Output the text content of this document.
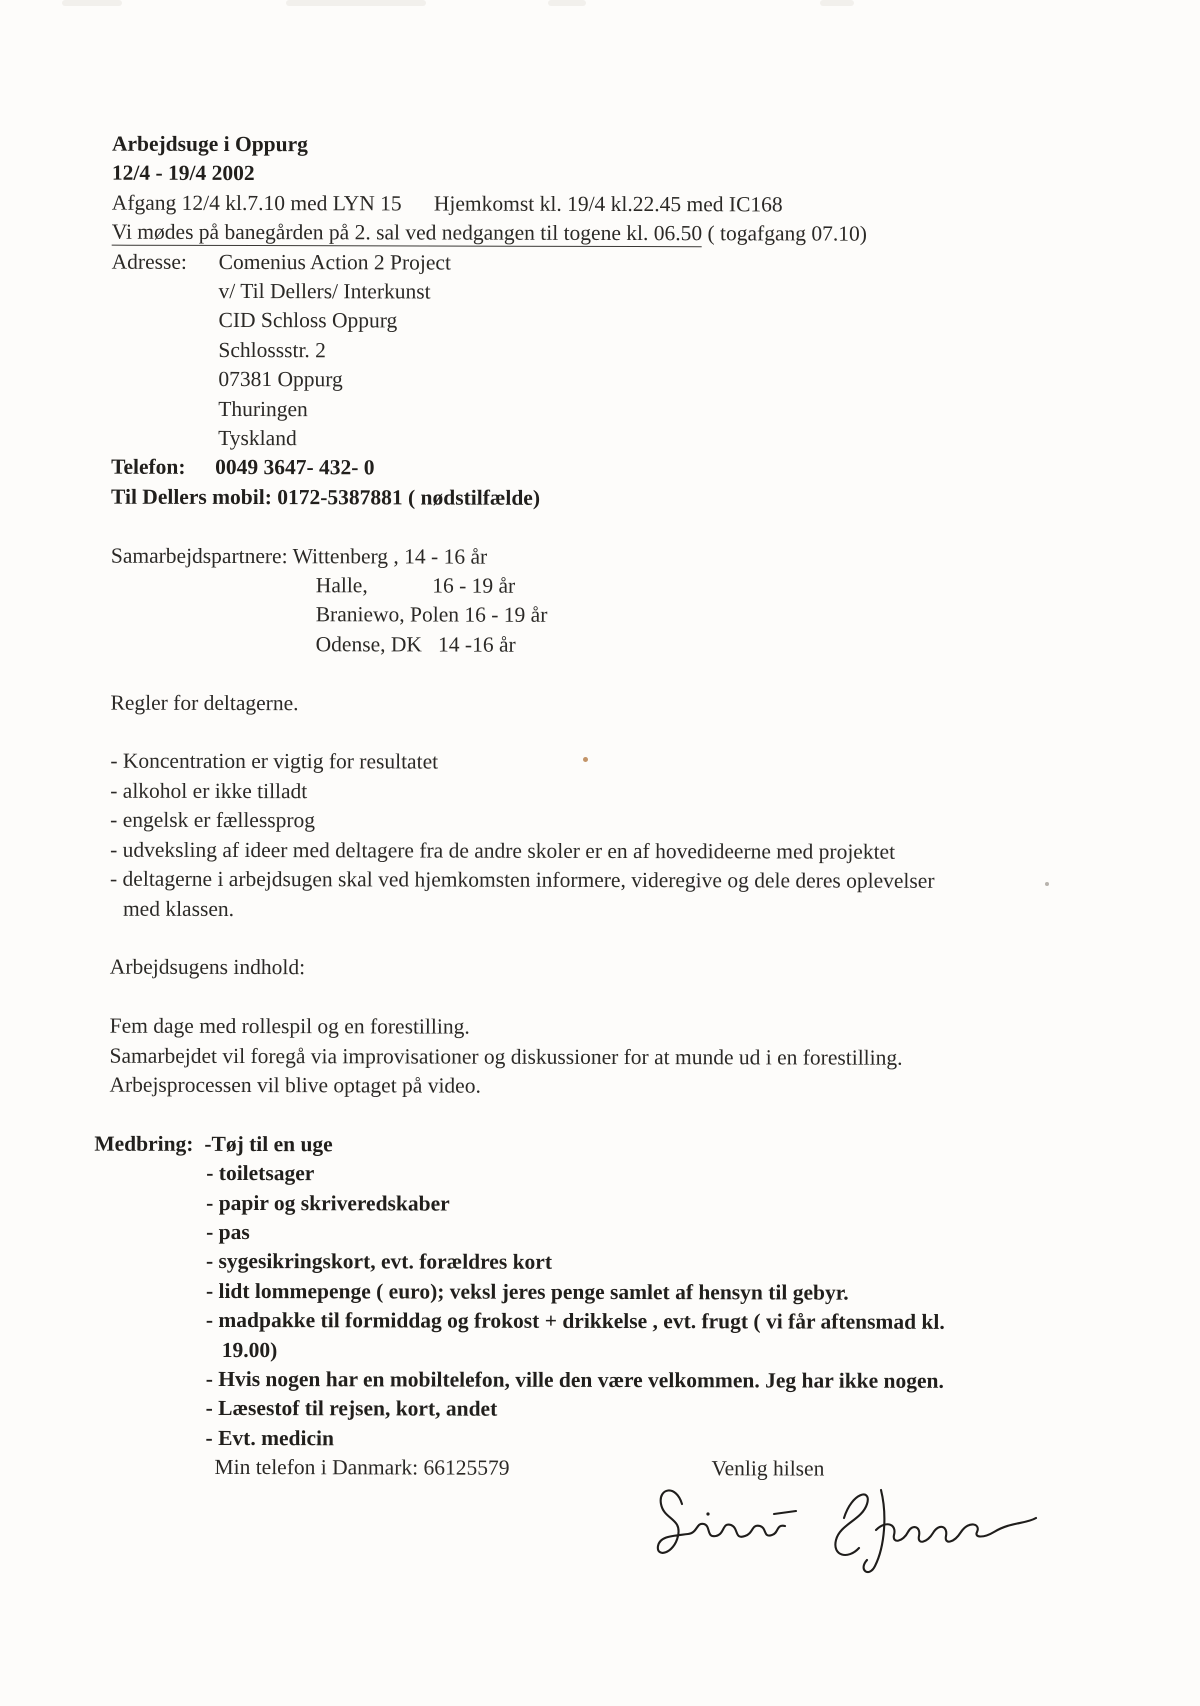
Arbejdsuge i Oppurg
12/4 - 19/4 2002
Afgang 12/4 kl.7.10 med LYN 15      Hjemkomst kl. 19/4 kl.22.45 med IC168
Vi mødes på banegården på 2. sal ved nedgangen til togene kl. 06.50 ( togafgang 07.10)
Adresse: Comenius Action 2 Project
v/ Til Dellers/ Interkunst
CID Schloss Oppurg
Schlossstr. 2
07381 Oppurg
Thuringen
Tyskland
Telefon: 0049 3647- 432- 0
Til Dellers mobil: 0172-5387881 ( nødstilfælde)
Samarbejdspartnere: Wittenberg , 14 - 16 år
Halle,            16 - 19 år
Braniewo, Polen 16 - 19 år
Odense, DK   14 -16 år
Regler for deltagerne.
- Koncentration er vigtig for resultatet
- alkohol er ikke tilladt
- engelsk er fællessprog
- udveksling af ideer med deltagere fra de andre skoler er en af hovedideerne med projektet
- deltagerne i arbejdsugen skal ved hjemkomsten informere, videregive og dele deres oplevelser
med klassen.
Arbejdsugens indhold:
Fem dage med rollespil og en forestilling.
Samarbejdet vil foregå via improvisationer og diskussioner for at munde ud i en forestilling.
Arbejsprocessen vil blive optaget på video.
Medbring: -Tøj til en uge
- toiletsager
- papir og skriveredskaber
- pas
- sygesikringskort, evt. forældres kort
- lidt lommepenge ( euro); veksl jeres penge samlet af hensyn til gebyr.
- madpakke til formiddag og frokost + drikkelse , evt. frugt ( vi får aftensmad kl.
19.00)
- Hvis nogen har en mobiltelefon, ville den være velkommen. Jeg har ikke nogen.
- Læsestof til rejsen, kort, andet
- Evt. medicin
Min telefon i Danmark: 66125579	Venlig hilsen
